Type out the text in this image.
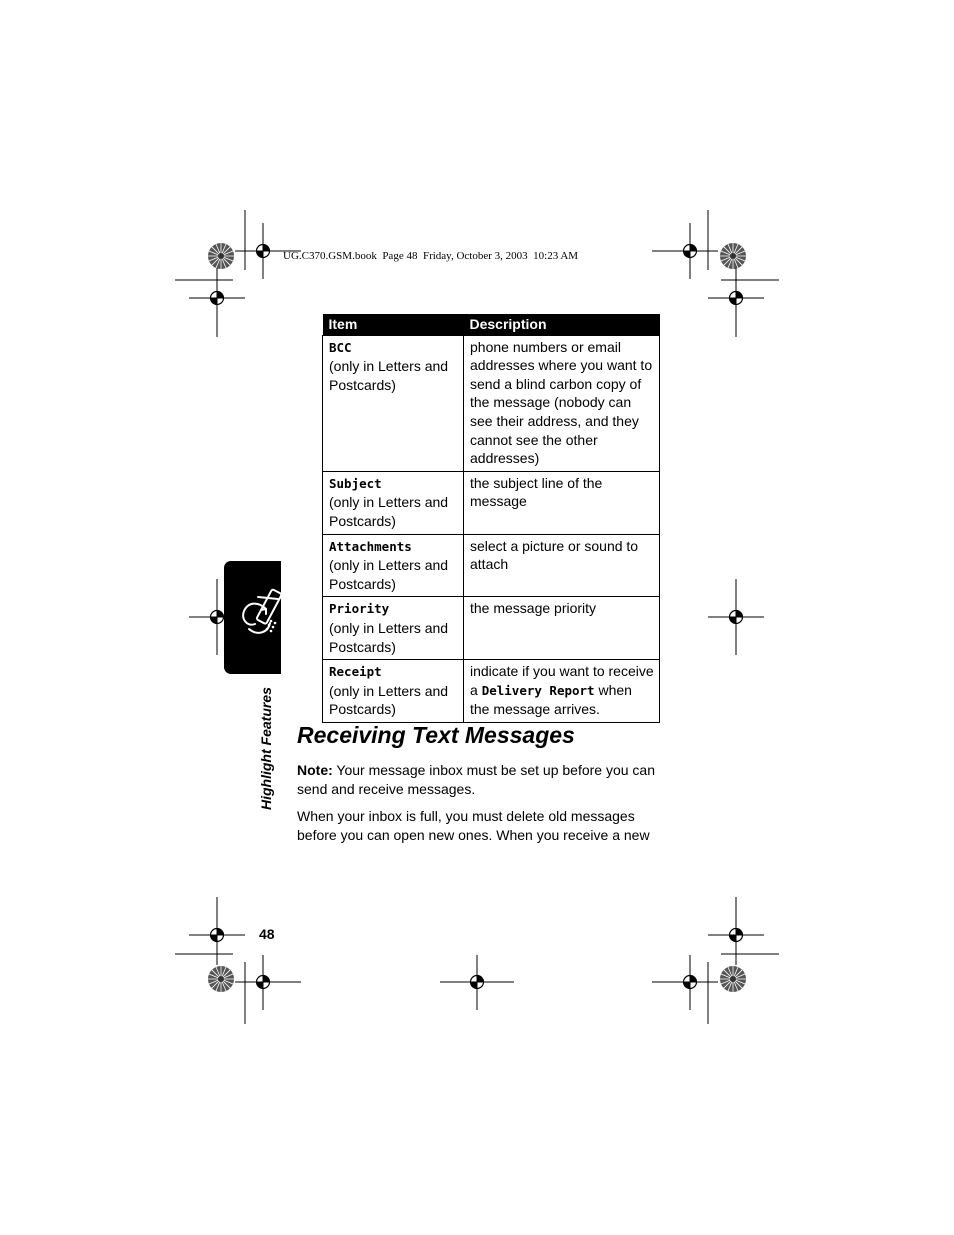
UG.C370.GSM.book  Page 48  Friday, October 3, 2003  10:23 AM
Item	Description
BCC
(only in Letters and Postcards)	phone numbers or email addresses where you want to send a blind carbon copy of the message (nobody can see their address, and they cannot see the other addresses)
Subject
(only in Letters and Postcards)	the subject line of the message
Attachments
(only in Letters and Postcards)	select a picture or sound to attach
Priority
(only in Letters and Postcards)	the message priority
Receipt
(only in Letters and Postcards)	indicate if you want to receive a Delivery Report when the message arrives.
Highlight Features Receiving Text Messages

Note: Your message inbox must be set up before you can send and receive messages.

When your inbox is full, you must delete old messages before you can open new ones. When you receive a new

48
